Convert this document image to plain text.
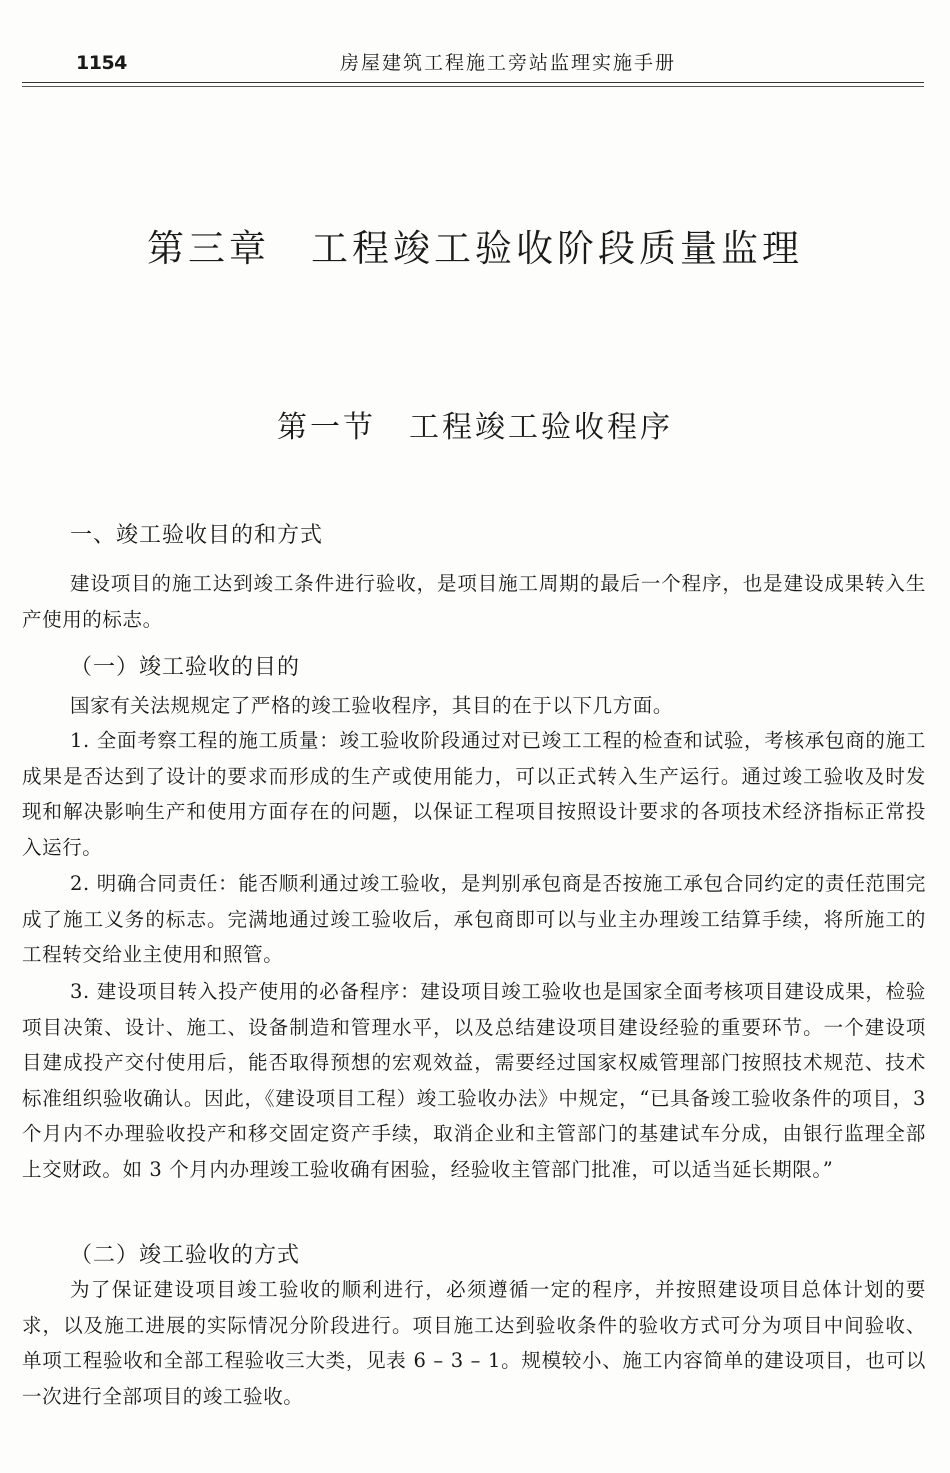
1154	房屋建筑工程施工旁站监理实施手册
第三章　工程竣工验收阶段质量监理
第一节　工程竣工验收程序
一、竣工验收目的和方式

建设项目的施工达到竣工条件进行验收，是项目施工周期的最后一个程序，也是建设成果转入生产使用的标志。

（一）竣工验收的目的

国家有关法规规定了严格的竣工验收程序，其目的在于以下几方面。

1. 全面考察工程的施工质量：竣工验收阶段通过对已竣工工程的检查和试验，考核承包商的施工成果是否达到了设计的要求而形成的生产或使用能力，可以正式转入生产运行。通过竣工验收及时发现和解决影响生产和使用方面存在的问题，以保证工程项目按照设计要求的各项技术经济指标正常投入运行。

2. 明确合同责任：能否顺利通过竣工验收，是判别承包商是否按施工承包合同约定的责任范围完成了施工义务的标志。完满地通过竣工验收后，承包商即可以与业主办理竣工结算手续，将所施工的工程转交给业主使用和照管。

3. 建设项目转入投产使用的必备程序：建设项目竣工验收也是国家全面考核项目建设成果，检验项目决策、设计、施工、设备制造和管理水平，以及总结建设项目建设经验的重要环节。一个建设项目建成投产交付使用后，能否取得预想的宏观效益，需要经过国家权威管理部门按照技术规范、技术标准组织验收确认。因此，《建设项目工程）竣工验收办法》中规定，“已具备竣工验收条件的项目，3 个月内不办理验收投产和移交固定资产手续，取消企业和主管部门的基建试车分成，由银行监理全部上交财政。如 3 个月内办理竣工验收确有困验，经验收主管部门批准，可以适当延长期限。”

（二）竣工验收的方式

为了保证建设项目竣工验收的顺利进行，必须遵循一定的程序，并按照建设项目总体计划的要求，以及施工进展的实际情况分阶段进行。项目施工达到验收条件的验收方式可分为项目中间验收、单项工程验收和全部工程验收三大类，见表 6 – 3 – 1。规模较小、施工内容简单的建设项目，也可以一次进行全部项目的竣工验收。
